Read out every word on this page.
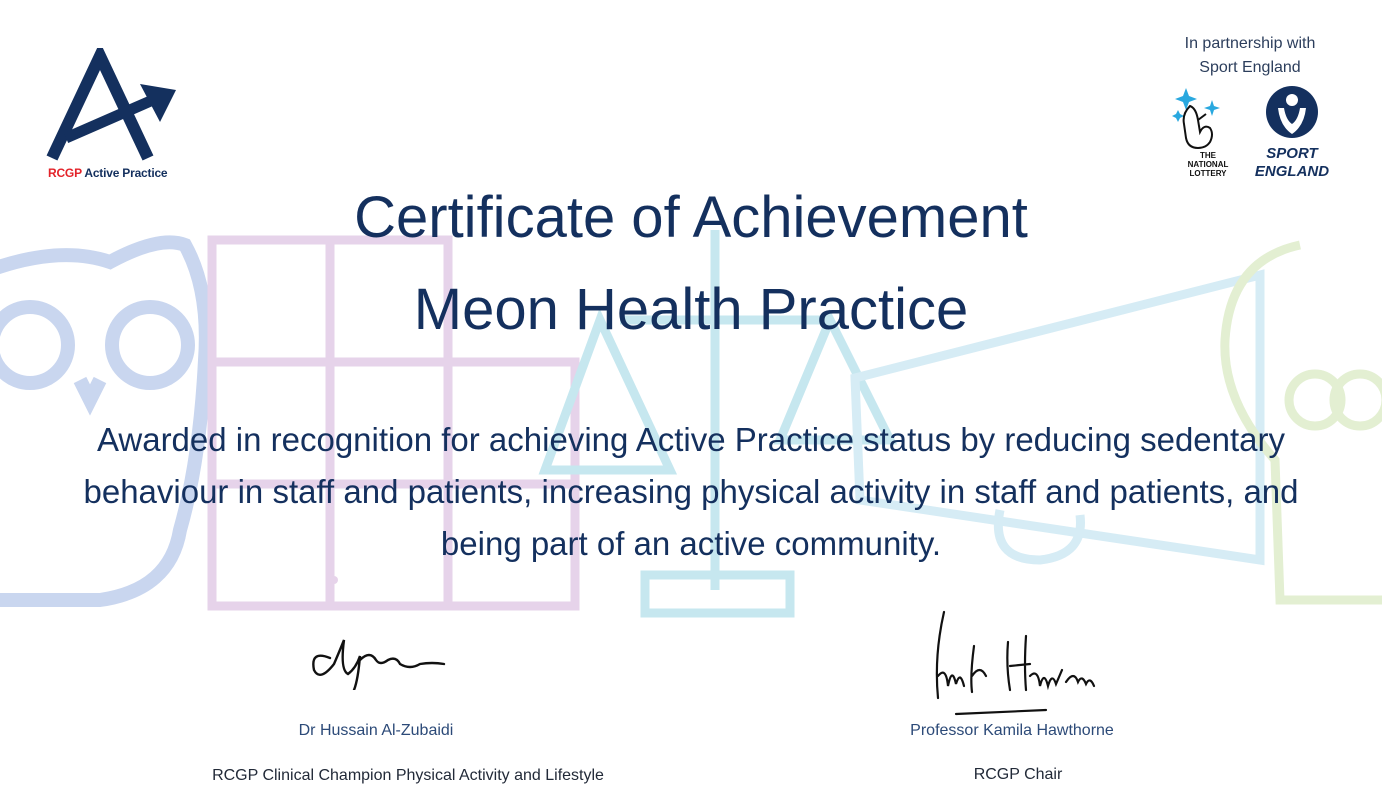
RCGP Active Practice
In partnership with
Sport England
THE
NATIONAL
LOTTERY
SPORT
ENGLAND
Certificate of Achievement
Meon Health Practice
Awarded in recognition for achieving Active Practice status by reducing sedentary behaviour in staff and patients, increasing physical activity in staff and patients, and being part of an active community.
Dr Hussain Al-Zubaidi
RCGP Clinical Champion Physical Activity and Lifestyle
Professor Kamila Hawthorne
RCGP Chair
